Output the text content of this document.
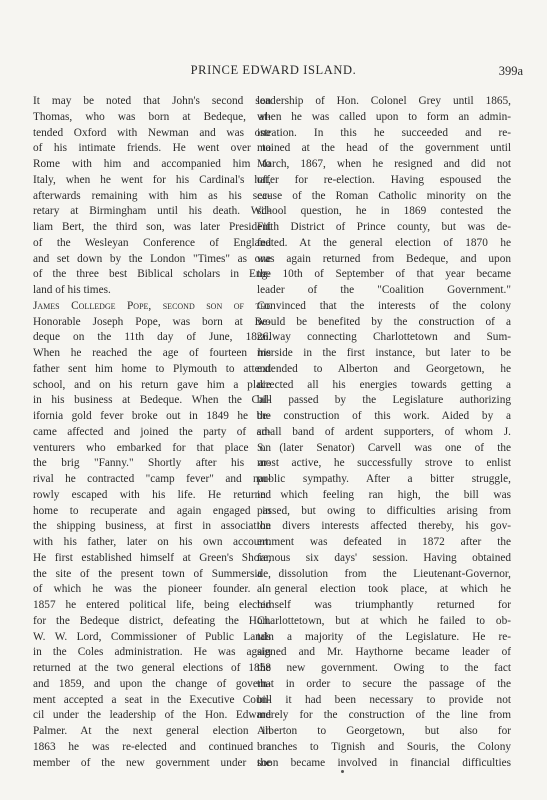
PRINCE EDWARD ISLAND.	399a
It may be noted that John's second son
Thomas, who was born at Bedeque, at-
tended Oxford with Newman and was one
of his intimate friends. He went over to
Rome with him and accompanied him to
Italy, when he went for his Cardinal's hat,
afterwards remaining with him as his sec-
retary at Birmingham until his death. Wil-
liam Bert, the third son, was later President
of the Wesleyan Conference of England
and set down by the London "Times" as one
of the three best Biblical scholars in Eng-
land of his times.
James Colledge Pope, second son of the
Honorable Joseph Pope, was born at Be-
deque on the 11th day of June, 1826.
When he reached the age of fourteen his
father sent him home to Plymouth to attend
school, and on his return gave him a place
in his business at Bedeque. When the Cal-
ifornia gold fever broke out in 1849 he be-
came affected and joined the party of ad-
venturers who embarked for that place on
the brig "Fanny." Shortly after his ar-
rival he contracted "camp fever" and nar-
rowly escaped with his life. He returned
home to recuperate and again engaged in
the shipping business, at first in association
with his father, later on his own account.
He first established himself at Green's Shore,
the site of the present town of Summerside,
of which he was the pioneer founder. In
1857 he entered political life, being elected
for the Bedeque district, defeating the Hon.
W. W. Lord, Commissioner of Public Lands
in the Coles administration. He was again
returned at the two general elections of 1858
and 1859, and upon the change of govern-
ment accepted a seat in the Executive Coun-
cil under the leadership of the Hon. Edward
Palmer. At the next general election in
1863 he was re-elected and continued a
member of the new government under the
leadership of Hon. Colonel Grey until 1865,
when he was called upon to form an admin-
istration. In this he succeeded and re-
mained at the head of the government until
March, 1867, when he resigned and did not
offer for re-election. Having espoused the
cause of the Roman Catholic minority on the
school question, he in 1869 contested the
Fifth District of Prince county, but was de-
feated. At the general election of 1870 he
was again returned from Bedeque, and upon
the 10th of September of that year became
leader of the "Coalition Government."
Convinced that the interests of the colony
would be benefited by the construction of a
railway connecting Charlottetown and Sum-
merside in the first instance, but later to be
extended to Alberton and Georgetown, he
directed all his energies towards getting a
bill passed by the Legislature authorizing
the construction of this work. Aided by a
small band of ardent supporters, of whom J.
S. (later Senator) Carvell was one of the
most active, he successfully strove to enlist
public sympathy. After a bitter struggle,
in which feeling ran high, the bill was
passed, but owing to difficulties arising from
the divers interests affected thereby, his gov-
ernment was defeated in 1872 after the
famous six days' session. Having obtained
a dissolution from the Lieutenant-Governor,
a general election took place, at which he
himself was triumphantly returned for
Charlottetown, but at which he failed to ob-
tain a majority of the Legislature. He re-
signed and Mr. Haythorne became leader of
the new government. Owing to the fact
that in order to secure the passage of the
bill it had been necessary to provide not
merely for the construction of the line from
Alberton to Georgetown, but also for
branches to Tignish and Souris, the Colony
soon became involved in financial difficulties
